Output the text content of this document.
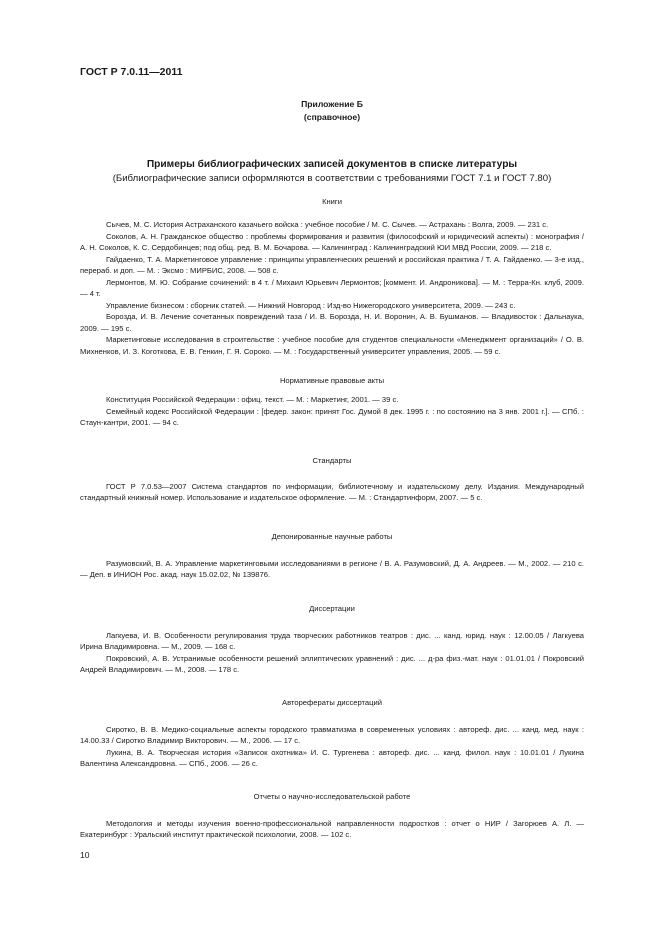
ГОСТ Р 7.0.11—2011
Приложение Б
(справочное)
Примеры библиографических записей документов в списке литературы
(Библиографические записи оформляются в соответствии с требованиями ГОСТ 7.1 и ГОСТ 7.80)
Книги

Сычев, М. С. История Астраханского казачьего войска : учебное пособие / М. С. Сычев. — Астрахань : Волга, 2009. — 231 с.

Соколов, А. Н. Гражданское общество : проблемы формирования и развития (философский и юридический аспекты) : монография / А. Н. Соколов, К. С. Сердобинцев; под общ. ред. В. М. Бочарова. — Калининград : Калининградский ЮИ МВД России, 2009. — 218 с.

Гайдаенко, Т. А. Маркетинговое управление : принципы управленческих решений и российская практика / Т. А. Гайдаенко. — 3-е изд., перераб. и доп. — М. : Эксмо : МИРБИС, 2008. — 508 с.

Лермонтов, М. Ю. Собрание сочинений: в 4 т. / Михаил Юрьевич Лермонтов; [коммент. И. Андроникова]. — М. : Терра-Кн. клуб, 2009. — 4 т.

Управление бизнесом : сборник статей. — Нижний Новгород : Изд-во Нижегородского университета, 2009. — 243 с.

Борозда, И. В. Лечение сочетанных повреждений таза / И. В. Борозда, Н. И. Воронин, А. В. Бушманов. — Владивосток : Дальнаука, 2009. — 195 с.

Маркетинговые исследования в строительстве : учебное пособие для студентов специальности «Менеджмент организаций» / О. В. Михненков, И. З. Коготкова, Е. В. Генкин, Г. Я. Сороко. — М. : Государственный университет управления, 2005. — 59 с.

Нормативные правовые акты

Конституция Российской Федерации : офиц. текст. — М. : Маркетинг, 2001. — 39 с.

Семейный кодекс Российской Федерации : [федер. закон: принят Гос. Думой 8 дек. 1995 г. : по состоянию на 3 янв. 2001 г.]. — СПб. : Стаун-кантри, 2001. — 94 с.

Стандарты

ГОСТ Р 7.0.53—2007 Система стандартов по информации, библиотечному и издательскому делу. Издания. Международный стандартный книжный номер. Использование и издательское оформление. — М. : Стандартинформ, 2007. — 5 с.

Депонированные научные работы

Разумовский, В. А. Управление маркетинговыми исследованиями в регионе / В. А. Разумовский, Д. А. Андреев. — М., 2002. — 210 с. — Деп. в ИНИОН Рос. акад. наук 15.02.02, № 139876.

Диссертации

Лагкуева, И. В. Особенности регулирования труда творческих работников театров : дис. ... канд. юрид. наук : 12.00.05 / Лагкуева Ирина Владимировна. — М., 2009. — 168 с.

Покровский, А. В. Устранимые особенности решений эллиптических уравнений : дис. ... д-ра физ.-мат. наук : 01.01.01 / Покровский Андрей Владимирович. — М., 2008. — 178 с.

Автореферaты диссертаций

Сиротко, В. В. Медико-социальные аспекты городского травматизма в современных условиях : автореф. дис. ... канд. мед. наук : 14.00.33 / Сиротко Владимир Викторович. — М., 2006. — 17 с.

Лукина, В. А. Творческая история «Записок охотника» И. С. Тургенева : автореф. дис. ... канд. филол. наук : 10.01.01 / Лукина Валентина Александровна. — СПб., 2006. — 26 с.

Отчеты о научно-исследовательской работе

Методология и методы изучения военно-профессиональной направленности подростков : отчет о НИР / Загорюев А. Л. — Екатеринбург : Уральский институт практической психологии, 2008. — 102 с.

10
